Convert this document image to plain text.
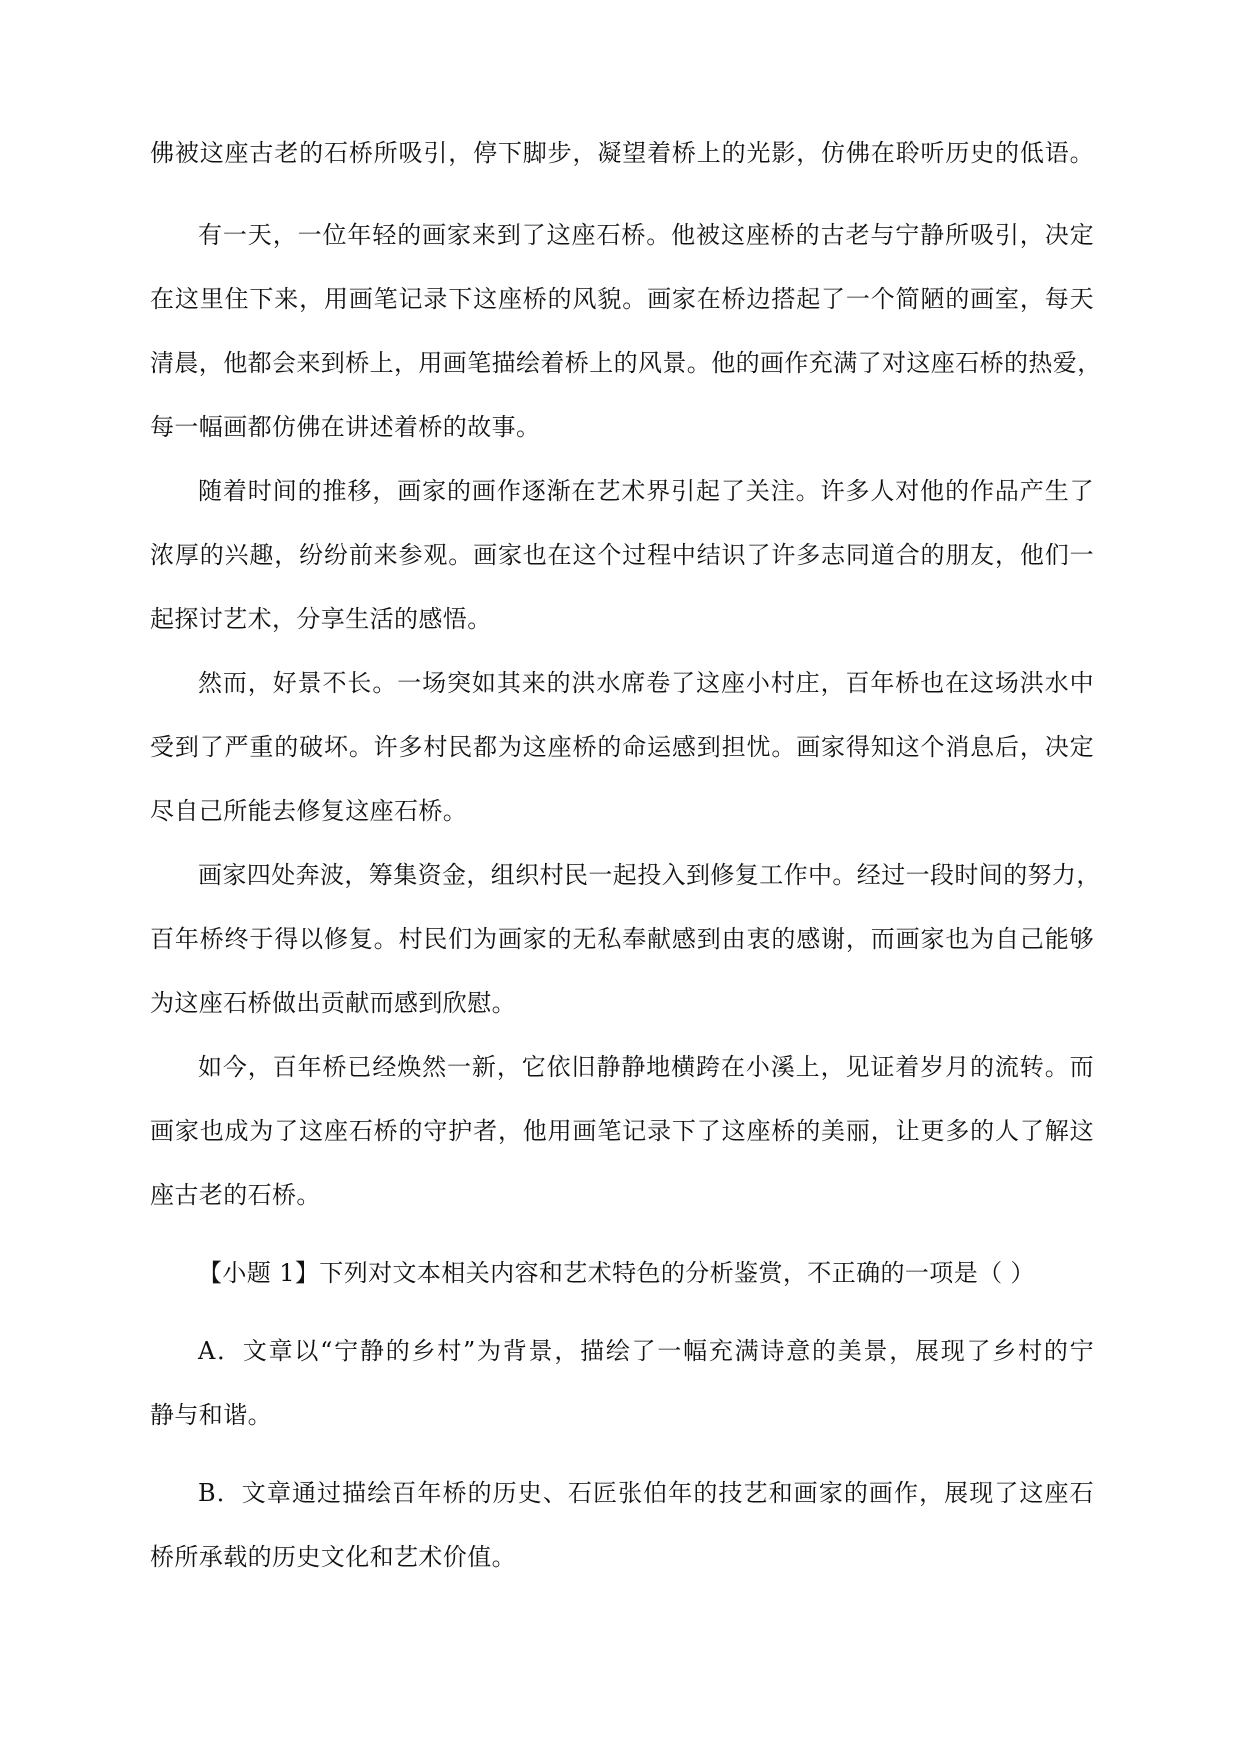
佛被这座古老的石桥所吸引，停下脚步，凝望着桥上的光影，仿佛在聆听历史的低语。
有一天，一位年轻的画家来到了这座石桥。他被这座桥的古老与宁静所吸引，决定
在这里住下来，用画笔记录下这座桥的风貌。画家在桥边搭起了一个简陋的画室，每天
清晨，他都会来到桥上，用画笔描绘着桥上的风景。他的画作充满了对这座石桥的热爱，
每一幅画都仿佛在讲述着桥的故事。
随着时间的推移，画家的画作逐渐在艺术界引起了关注。许多人对他的作品产生了
浓厚的兴趣，纷纷前来参观。画家也在这个过程中结识了许多志同道合的朋友，他们一
起探讨艺术，分享生活的感悟。
然而，好景不长。一场突如其来的洪水席卷了这座小村庄，百年桥也在这场洪水中
受到了严重的破坏。许多村民都为这座桥的命运感到担忧。画家得知这个消息后，决定
尽自己所能去修复这座石桥。
画家四处奔波，筹集资金，组织村民一起投入到修复工作中。经过一段时间的努力，
百年桥终于得以修复。村民们为画家的无私奉献感到由衷的感谢，而画家也为自己能够
为这座石桥做出贡献而感到欣慰。
如今，百年桥已经焕然一新，它依旧静静地横跨在小溪上，见证着岁月的流转。而
画家也成为了这座石桥的守护者，他用画笔记录下了这座桥的美丽，让更多的人了解这
座古老的石桥。
【小题 1】下列对文本相关内容和艺术特色的分析鉴赏，不正确的一项是（ ）
A．文章以“宁静的乡村”为背景，描绘了一幅充满诗意的美景，展现了乡村的宁
静与和谐。
B．文章通过描绘百年桥的历史、石匠张伯年的技艺和画家的画作，展现了这座石
桥所承载的历史文化和艺术价值。
